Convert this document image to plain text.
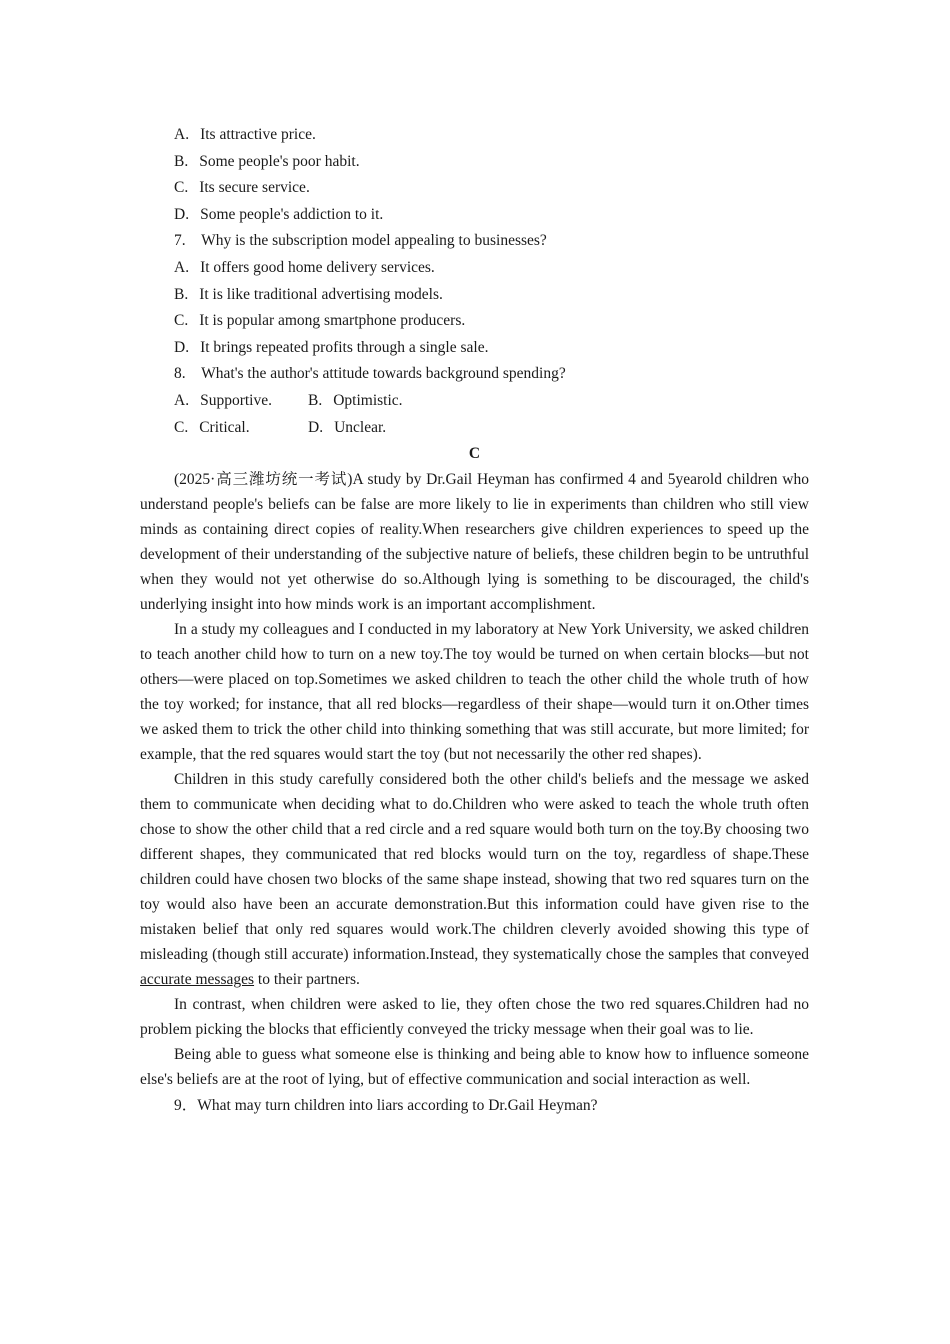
A. Its attractive price.
B. Some people's poor habit.
C. Its secure service.
D. Some people's addiction to it.
7. Why is the subscription model appealing to businesses?
A. It offers good home delivery services.
B. It is like traditional advertising models.
C. It is popular among smartphone producers.
D. It brings repeated profits through a single sale.
8. What's the author's attitude towards background spending?
A. Supportive. B. Optimistic.
C. Critical.	D. Unclear.
C

(2025·高三潍坊统一考试)A study by Dr.Gail Heyman has confirmed 4 and 5yearold children who understand people's beliefs can be false are more likely to lie in experiments than children who still view minds as containing direct copies of reality.When researchers give children experiences to speed up the development of their understanding of the subjective nature of beliefs, these children begin to be untruthful when they would not yet otherwise do so.Although lying is something to be discouraged, the child's underlying insight into how minds work is an important accomplishment.

In a study my colleagues and I conducted in my laboratory at New York University, we asked children to teach another child how to turn on a new toy.The toy would be turned on when certain blocks—but not others—were placed on top.Sometimes we asked children to teach the other child the whole truth of how the toy worked; for instance, that all red blocks—regardless of their shape—would turn it on.Other times we asked them to trick the other child into thinking something that was still accurate, but more limited; for example, that the red squares would start the toy (but not necessarily the other red shapes).

Children in this study carefully considered both the other child's beliefs and the message we asked them to communicate when deciding what to do.Children who were asked to teach the whole truth often chose to show the other child that a red circle and a red square would both turn on the toy.By choosing two different shapes, they communicated that red blocks would turn on the toy, regardless of shape.These children could have chosen two blocks of the same shape instead, showing that two red squares turn on the toy would also have been an accurate demonstration.But this information could have given rise to the mistaken belief that only red squares would work.The children cleverly avoided showing this type of misleading (though still accurate) information.Instead, they systematically chose the samples that conveyed accurate messages to their partners.

In contrast, when children were asked to lie, they often chose the two red squares.Children had no problem picking the blocks that efficiently conveyed the tricky message when their goal was to lie.

Being able to guess what someone else is thinking and being able to know how to influence someone else's beliefs are at the root of lying, but of effective communication and social interaction as well.

9．What may turn children into liars according to Dr.Gail Heyman?
